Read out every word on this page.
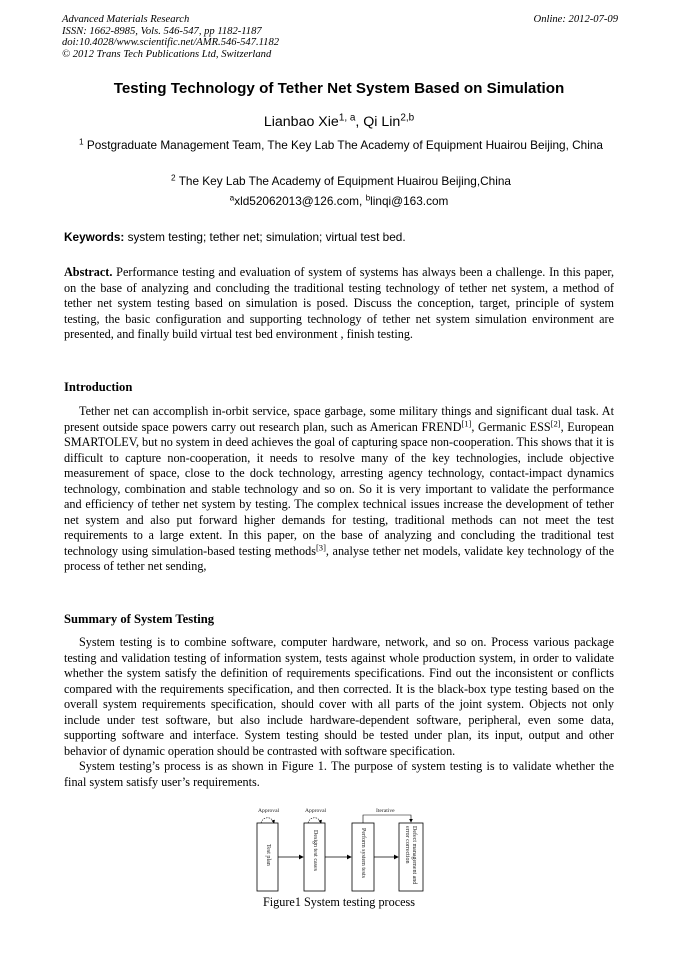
Advanced Materials Research
ISSN: 1662-8985, Vols. 546-547, pp 1182-1187
doi:10.4028/www.scientific.net/AMR.546-547.1182
© 2012 Trans Tech Publications Ltd, Switzerland
Online: 2012-07-09
Testing Technology of Tether Net System Based on Simulation
Lianbao Xie$^{1, a}$, Qi Lin$^{2,b}$
$^1$ Postgraduate Management Team, The Key Lab The Academy of Equipment Huairou Beijing, China
$^2$ The Key Lab The Academy of Equipment Huairou Beijing,China
$^a$xld52062013@126.com, $^b$linqi@163.com
Keywords: system testing; tether net; simulation; virtual test bed.

Abstract. Performance testing and evaluation of system of systems has always been a challenge. In this paper, on the base of analyzing and concluding the traditional testing technology of tether net system, a method of tether net system testing based on simulation is posed. Discuss the conception, target, principle of system testing, the basic configuration and supporting technology of tether net system simulation environment are presented, and finally build virtual test bed environment , finish testing.

Introduction

Tether net can accomplish in-orbit service, space garbage, some military things and significant dual task. At present outside space powers carry out research plan, such as American FREND[1], Germanic ESS[2], European SMARTOLEV, but no system in deed achieves the goal of capturing space non-cooperation. This shows that it is difficult to capture non-cooperation, it needs to resolve many of the key technologies, include objective measurement of space, close to the dock technology, arresting agency technology, contact-impact dynamics technology, combination and stable technology and so on. So it is very important to validate the performance and efficiency of tether net system by testing. The complex technical issues increase the development of tether net system and also put forward higher demands for testing, traditional methods can not meet the test requirements to a large extent. In this paper, on the base of analyzing and concluding the traditional test technology using simulation-based testing methods[3], analyse tether net models, validate key technology of the process of tether net sending,

Summary of System Testing

System testing is to combine software, computer hardware, network, and so on. Process various package testing and validation testing of information system, tests against whole production system, in order to validate whether the system satisfy the definition of requirements specifications. Find out the inconsistent or conflicts compared with the requirements specification, and then corrected. It is the black-box type testing based on the overall system requirements specification, should cover with all parts of the joint system. Objects not only include under test software, but also include hardware-dependent software, peripheral, even some data, supporting software and interface. System testing should be tested under plan, its input, output and other behavior of dynamic operation should be contrasted with software specification.

System testing’s process is as shown in Figure 1. The purpose of system testing is to validate whether the final system satisfy user’s requirements.

Approval	Approval	Iterative
Test plan	Design test cases	Perform system tests	Defect management and error correction
Figure1 System testing process
